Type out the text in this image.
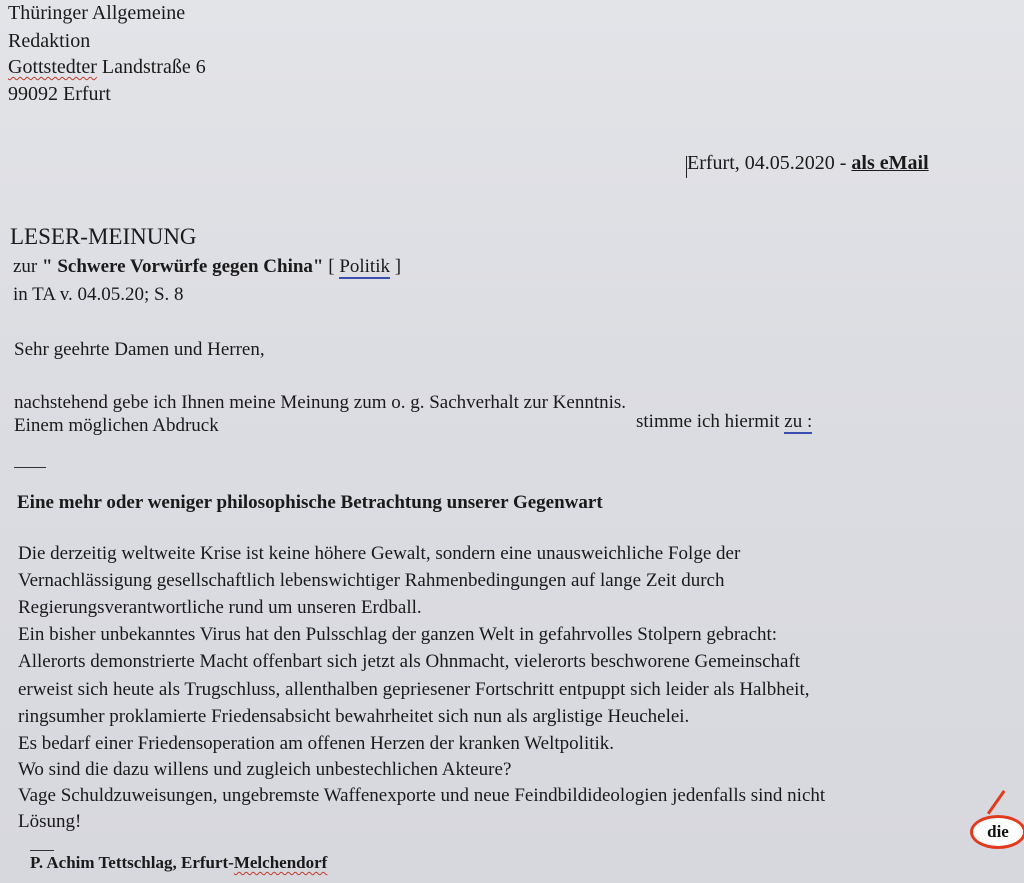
Thüringer Allgemeine
Redaktion
Gottstedter Landstraße 6
99092 Erfurt
Erfurt, 04.05.2020 - als eMail
LESER-MEINUNG
zur " Schwere Vorwürfe gegen China" [ Politik ]
in TA v. 04.05.20; S. 8
Sehr geehrte Damen und Herren,
nachstehend gebe ich Ihnen meine Meinung zum o. g. Sachverhalt zur Kenntnis.
Einem möglichen Abdruck	stimme ich hiermit zu :
Eine mehr oder weniger philosophische Betrachtung unserer Gegenwart
Die derzeitig weltweite Krise ist keine höhere Gewalt, sondern eine unausweichliche Folge der
Vernachlässigung gesellschaftlich lebenswichtiger Rahmenbedingungen auf lange Zeit durch
Regierungsverantwortliche rund um unseren Erdball.
Ein bisher unbekanntes Virus hat den Pulsschlag der ganzen Welt in gefahrvolles Stolpern gebracht:
Allerorts demonstrierte Macht offenbart sich jetzt als Ohnmacht, vielerorts beschworene Gemeinschaft
erweist sich heute als Trugschluss, allenthalben gepriesener Fortschritt entpuppt sich leider als Halbheit,
ringsumher proklamierte Friedensabsicht bewahrheitet sich nun als arglistige Heuchelei.
Es bedarf einer Friedensoperation am offenen Herzen der kranken Weltpolitik.
Wo sind die dazu willens und zugleich unbestechlichen Akteure?
Vage Schuldzuweisungen, ungebremste Waffenexporte und neue Feindbildideologien jedenfalls sind nicht
Lösung!	die
P. Achim Tettschlag, Erfurt-Melchendorf
